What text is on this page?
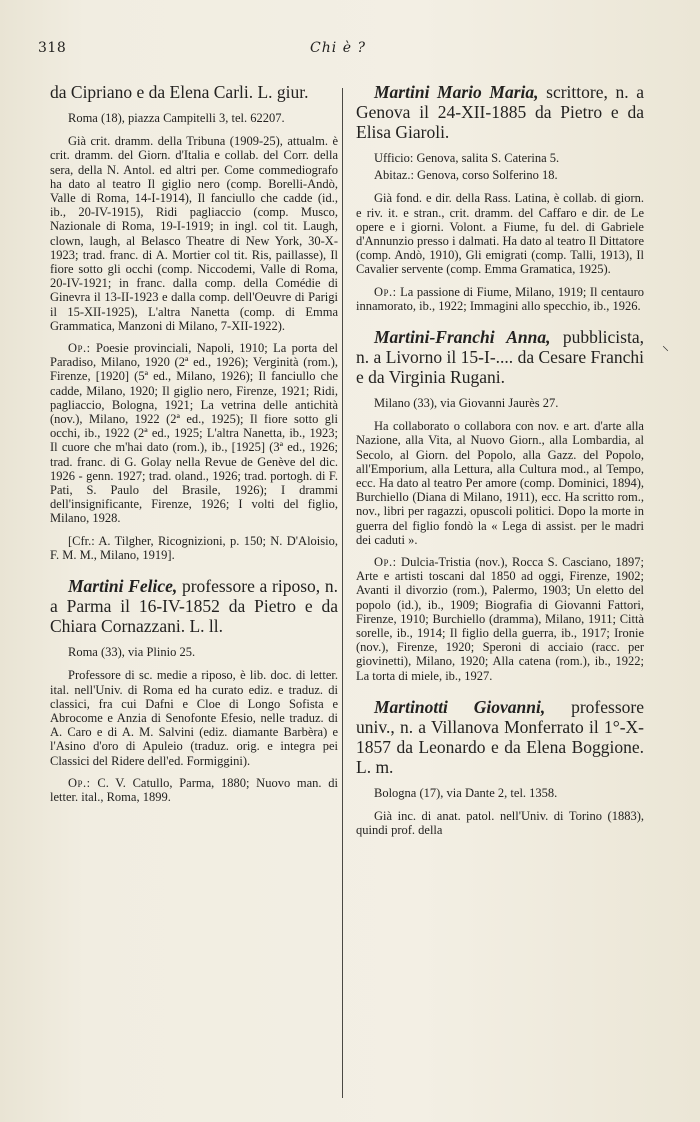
318	Chi è ?
⸜

da Cipriano e da Elena Carli. L. giur.

Roma (18), piazza Campitelli 3, tel. 62207.

Già crit. dramm. della Tribuna (1909-25), attualm. è crit. dramm. del Giorn. d'Italia e collab. del Corr. della sera, della N. Antol. ed altri per. Come commediografo ha dato al teatro Il giglio nero (comp. Borelli-Andò, Valle di Roma, 14-I-1914), Il fanciullo che cadde (id., ib., 20-IV-1915), Ridi pagliaccio (comp. Musco, Nazionale di Roma, 19-I-1919; in ingl. col tit. Laugh, clown, laugh, al Belasco Theatre di New York, 30-X-1923; trad. franc. di A. Mortier col tit. Ris, paillasse), Il fiore sotto gli occhi (comp. Niccodemi, Valle di Roma, 20-IV-1921; in franc. dalla comp. della Comédie di Ginevra il 13-II-1923 e dalla comp. dell'Oeuvre di Parigi il 15-XII-1925), L'altra Nanetta (comp. di Emma Grammatica, Manzoni di Milano, 7-XII-1922).

Op.: Poesie provinciali, Napoli, 1910; La porta del Paradiso, Milano, 1920 (2ª ed., 1926); Verginità (rom.), Firenze, [1920] (5ª ed., Milano, 1926); Il fanciullo che cadde, Milano, 1920; Il giglio nero, Firenze, 1921; Ridi, pagliaccio, Bologna, 1921; La vetrina delle antichità (nov.), Milano, 1922 (2ª ed., 1925); Il fiore sotto gli occhi, ib., 1922 (2ª ed., 1925; L'altra Nanetta, ib., 1923; Il cuore che m'hai dato (rom.), ib., [1925] (3ª ed., 1926; trad. franc. di G. Golay nella Revue de Genève del dic. 1926 - genn. 1927; trad. oland., 1926; trad. portogh. di F. Pati, S. Paulo del Brasile, 1926); I drammi dell'insignificante, Firenze, 1926; I volti del figlio, Milano, 1928.

[Cfr.: A. Tilgher, Ricognizioni, p. 150; N. D'Aloisio, F. M. M., Milano, 1919].

Martini Felice, professore a riposo, n. a Parma il 16-IV-1852 da Pietro e da Chiara Cornazzani. L. ll.

Roma (33), via Plinio 25.

Professore di sc. medie a riposo, è lib. doc. di letter. ital. nell'Univ. di Roma ed ha curato ediz. e traduz. di classici, fra cui Dafni e Cloe di Longo Sofista e Abrocome e Anzia di Senofonte Efesio, nelle traduz. di A. Caro e di A. M. Salvini (ediz. diamante Barbèra) e l'Asino d'oro di Apuleio (traduz. orig. e integra pei Classici del Ridere dell'ed. Formiggini).

Op.: C. V. Catullo, Parma, 1880; Nuovo man. di letter. ital., Roma, 1899.

Martini Mario Maria, scrittore, n. a Genova il 24-XII-1885 da Pietro e da Elisa Giaroli.

Ufficio: Genova, salita S. Caterina 5.

Abitaz.: Genova, corso Solferino 18.

Già fond. e dir. della Rass. Latina, è collab. di giorn. e riv. it. e stran., crit. dramm. del Caffaro e dir. de Le opere e i giorni. Volont. a Fiume, fu del. di Gabriele d'Annunzio presso i dalmati. Ha dato al teatro Il Dittatore (comp. Andò, 1910), Gli emigrati (comp. Talli, 1913), Il Cavalier servente (comp. Emma Gramatica, 1925).

Op.: La passione di Fiume, Milano, 1919; Il centauro innamorato, ib., 1922; Immagini allo specchio, ib., 1926.

Martini-Franchi Anna, pubblicista, n. a Livorno il 15-I-.... da Cesare Franchi e da Virginia Rugani.

Milano (33), via Giovanni Jaurès 27.

Ha collaborato o collabora con nov. e art. d'arte alla Nazione, alla Vita, al Nuovo Giorn., alla Lombardia, al Secolo, al Giorn. del Popolo, alla Gazz. del Popolo, all'Emporium, alla Lettura, alla Cultura mod., al Tempo, ecc. Ha dato al teatro Per amore (comp. Dominici, 1894), Burchiello (Diana di Milano, 1911), ecc. Ha scritto rom., nov., libri per ragazzi, opuscoli politici. Dopo la morte in guerra del figlio fondò la « Lega di assist. per le madri dei caduti ».

Op.: Dulcia-Tristia (nov.), Rocca S. Casciano, 1897; Arte e artisti toscani dal 1850 ad oggi, Firenze, 1902; Avanti il divorzio (rom.), Palermo, 1903; Un eletto del popolo (id.), ib., 1909; Biografia di Giovanni Fattori, Firenze, 1910; Burchiello (dramma), Milano, 1911; Città sorelle, ib., 1914; Il figlio della guerra, ib., 1917; Ironie (nov.), Firenze, 1920; Speroni di acciaio (racc. per giovinetti), Milano, 1920; Alla catena (rom.), ib., 1922; La torta di miele, ib., 1927.

Martinotti Giovanni, professore univ., n. a Villanova Monferrato il 1°-X-1857 da Leonardo e da Elena Boggione. L. m.

Bologna (17), via Dante 2, tel. 1358.

Già inc. di anat. patol. nell'Univ. di Torino (1883), quindi prof. della
